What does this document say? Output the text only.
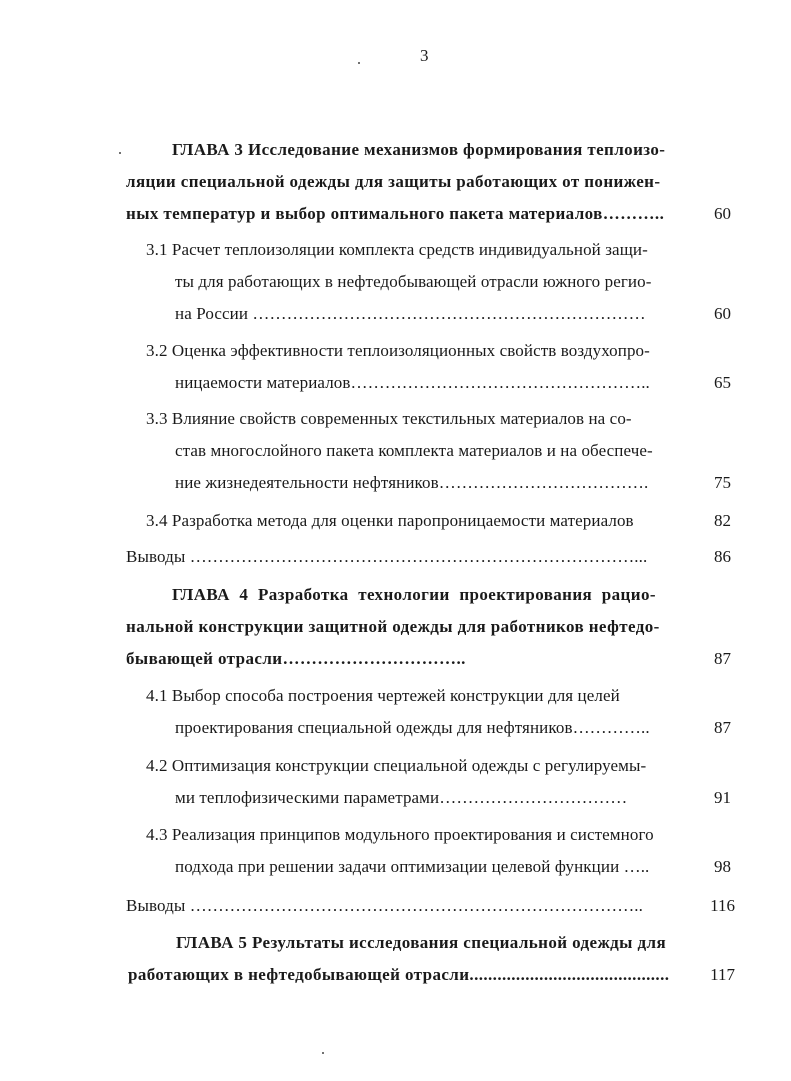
3
ГЛАВА 3 Исследование механизмов формирования теплоизо-
ляции специальной одежды для защиты работающих от понижен-
ных температур и выбор оптимального пакета материалов………..	60
3.1 Расчет теплоизоляции комплекта средств индивидуальной защи-
ты для работающих в нефтедобывающей отрасли южного регио-
на России ……………………………………………………………	60
3.2 Оценка эффективности теплоизоляционных свойств воздухопро-
ницаемости материалов……………………………………………..	65
3.3 Влияние свойств современных текстильных материалов на со-
став многослойного пакета комплекта материалов и на обеспече-
ние жизнедеятельности нефтяников……………………………….	75
3.4 Разработка метода для оценки паропроницаемости материалов	82
Выводы ……………………………………………………………………...	86
ГЛАВА 4 Разработка технологии проектирования рацио-
нальной конструкции защитной одежды для работников нефтедо-
бывающей отрасли…………………………..	87
4.1 Выбор способа построения чертежей конструкции для целей
проектирования специальной одежды для нефтяников…………..	87
4.2 Оптимизация конструкции специальной одежды с регулируемы-
ми теплофизическими параметрами……………………………	91
4.3 Реализация принципов модульного проектирования и системного
подхода при решении задачи оптимизации целевой функции …..	98
Выводы ……………………………………………………………………..	116
ГЛАВА 5 Результаты исследования специальной одежды для
работающих в нефтедобывающей отрасли...........................................	117
